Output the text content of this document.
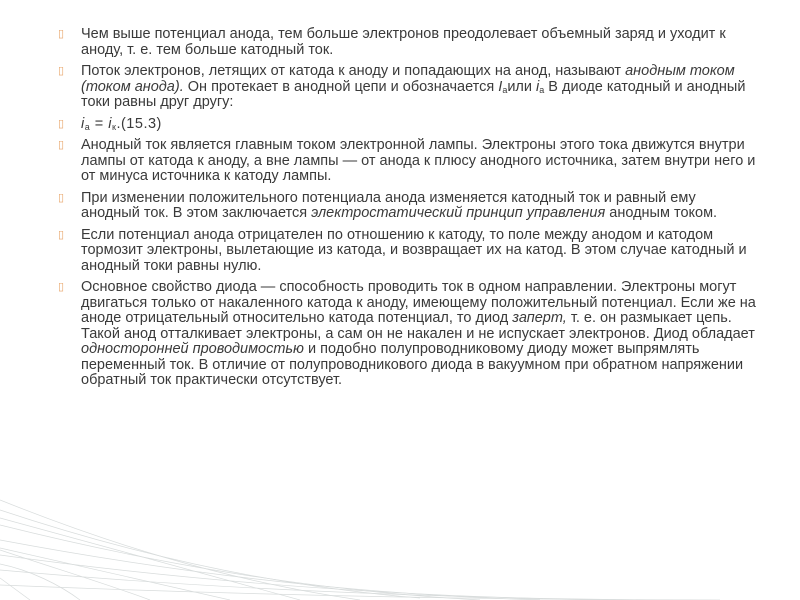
▯ Чем выше потенциал анода, тем больше электронов преодолевает объемный заряд и уходит к аноду, т. е. тем больше катодный ток.
▯ Поток электронов, летящих от катода к аноду и попадающих на анод, называют анодным током (током анода). Он протекает в анодной цепи и обозначается $I_aили$ $i_a$ В диоде катодный и анодный токи равны друг другу:
▯ $i_a = i_к.(15.3)$
▯ Анодный ток является главным током электронной лампы. Электроны этого тока движутся внутри лампы от катода к аноду, а вне лампы — от анода к плюсу анодного источника, затем внутри него и от минуса источника к катоду лампы.
▯ При изменении положительного потенциала анода изменяется катодный ток и равный ему анодный ток. В этом заключается электростатический принцип управления анодным током.
▯ Если потенциал анода отрицателен по отношению к катоду, то поле между анодом и катодом тормозит электроны, вылетающие из катода, и возвращает их на катод. В этом случае катодный и анодный токи равны нулю.
▯ Основное свойство диода — способность проводить ток в одном направлении. Электроны могут двигаться только от накаленного катода к аноду, имеющему положительный потенциал. Если же на аноде отрицательный относительно катода потенциал, то диод заперт, т. е. он размыкает цепь. Такой анод отталкивает электроны, а сам он не накален и не испускает электронов. Диод обладает односторонней проводимостью и подобно полупроводниковому диоду может выпрямлять переменный ток. В отличие от полупроводникового диода в вакуумном при обратном напряжении обратный ток практически отсутствует.
